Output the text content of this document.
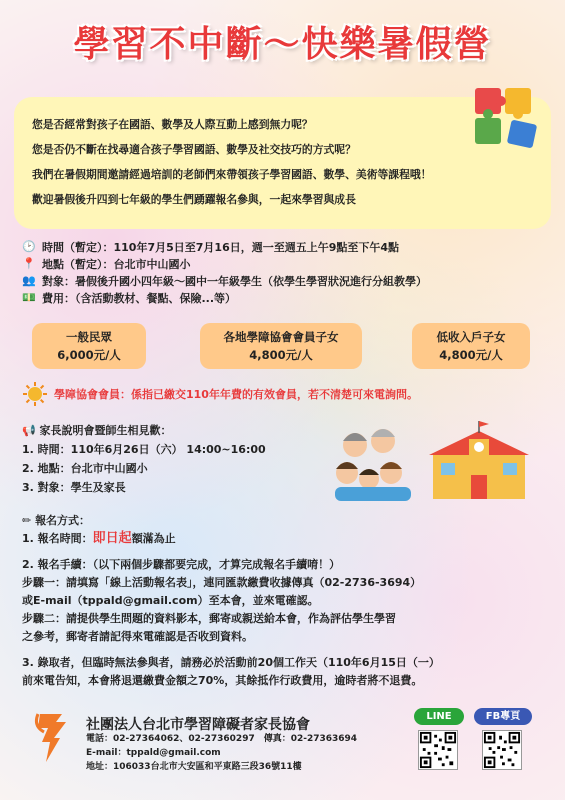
學習不中斷～快樂暑假營

您是否經常對孩子在國語、數學及人際互動上感到無力呢？

您是否仍不斷在找尋適合孩子學習國語、數學及社交技巧的方式呢？

我們在暑假期間邀請經過培訓的老師們來帶領孩子學習國語、數學、美術等課程哦！

歡迎暑假後升四到七年級的學生們踴躍報名參與，一起來學習與成長

🕑 時間（暫定）：110年7月5日至7月16日，週一至週五上午9點至下午4點
📍 地點（暫定）：台北市中山國小
👥 對象：暑假後升國小四年級～國中一年級學生（依學生學習狀況進行分組教學）
💵 費用：（含活動教材、餐點、保險...等）
一般民眾
6,000元/人
各地學障協會會員子女
4,800元/人
低收入戶子女
4,800元/人
學障協會會員：係指已繳交110年年費的有效會員，若不清楚可來電詢問。
📢 家長說明會暨師生相見歡：
1. 時間：110年6月26日（六） 14:00~16:00
2. 地點：台北市中山國小
3. 對象：學生及家長
✏ 報名方式：
1. 報名時間：即日起額滿為止
2. 報名手續：（以下兩個步驟都要完成，才算完成報名手續唷！）
步驟一：請填寫「線上活動報名表」，連同匯款繳費收據傳真（02-2736-3694）
或E-mail（tppald@gmail.com）至本會，並來電確認。
步驟二：請提供學生問題的資料影本，郵寄或親送給本會，作為評估學生學習
之參考，郵寄者請記得來電確認是否收到資料。
3. 錄取者，但臨時無法參與者，請務必於活動前20個工作天（110年6月15日（一）
前來電告知，本會將退還繳費金額之70%，其餘抵作行政費用，逾時者將不退費。
社團法人台北市學習障礙者家長協會
電話：02-27364062、02-27360297　傳真：02-27363694
E-mail：tppald@gmail.com
地址：106033台北市大安區和平東路三段36號11樓
LINE	FB專頁
